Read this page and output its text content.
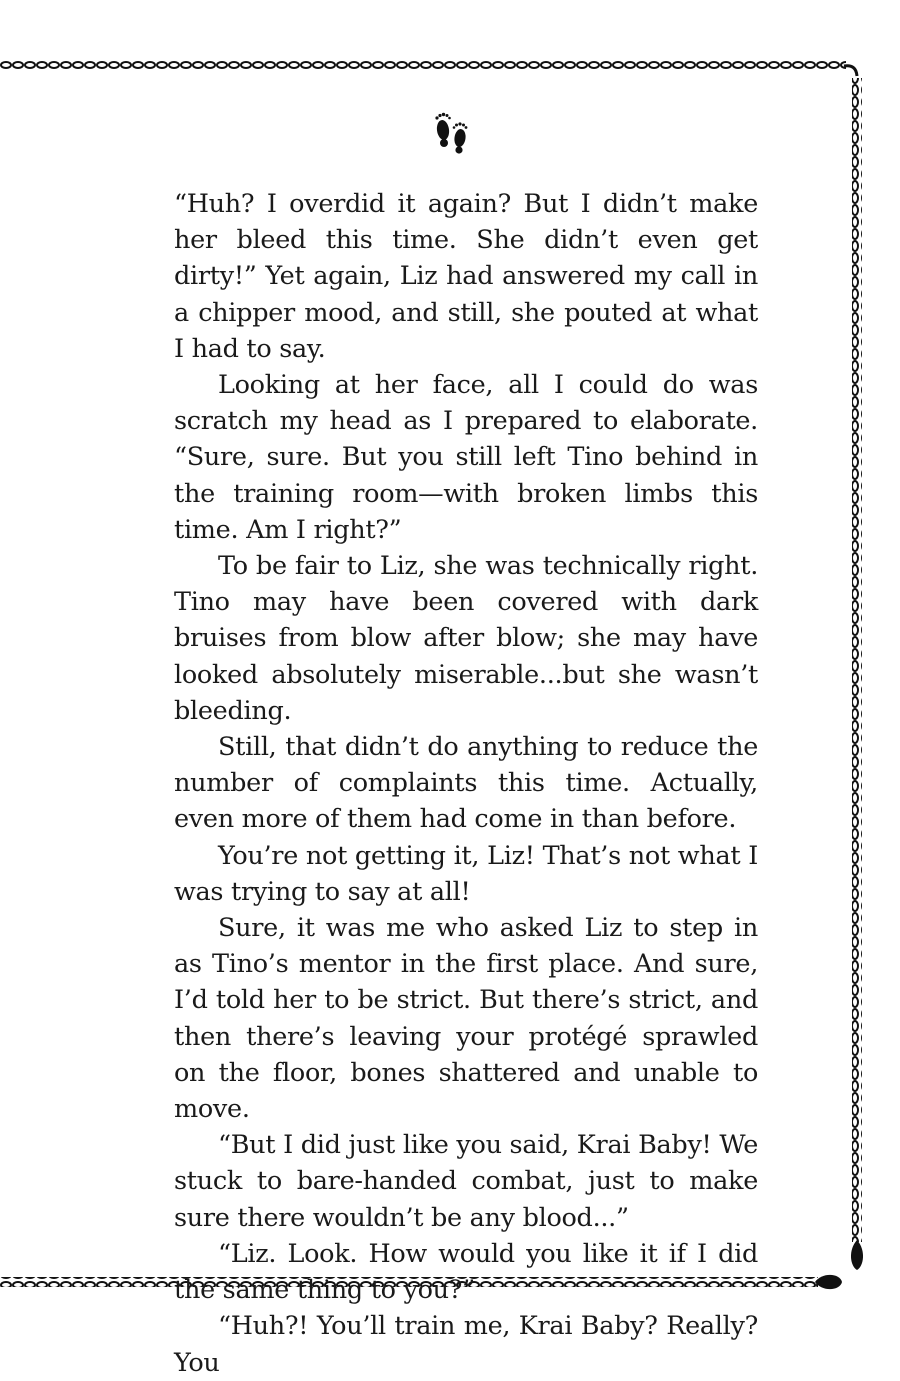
“Huh? I overdid it again? But I didn’t make her bleed this time. She didn’t even get dirty!” Yet again, Liz had answered my call in a chipper mood, and still, she pouted at what I had to say.

Looking at her face, all I could do was scratch my head as I prepared to elaborate. “Sure, sure. But you still left Tino behind in the training room—with broken limbs this time. Am I right?”

To be fair to Liz, she was technically right. Tino may have been covered with dark bruises from blow after blow; she may have looked absolutely miserable...but she wasn’t bleeding.

Still, that didn’t do anything to reduce the number of complaints this time. Actually, even more of them had come in than before.

You’re not getting it, Liz! That’s not what I was trying to say at all!

Sure, it was me who asked Liz to step in as Tino’s mentor in the first place. And sure, I’d told her to be strict. But there’s strict, and then there’s leaving your protégé sprawled on the floor, bones shattered and unable to move.

“But I did just like you said, Krai Baby! We stuck to bare-handed combat, just to make sure there wouldn’t be any blood...”

“Liz. Look. How would you like it if I did the same thing to you?”

“Huh?! You’ll train me, Krai Baby? Really? You
